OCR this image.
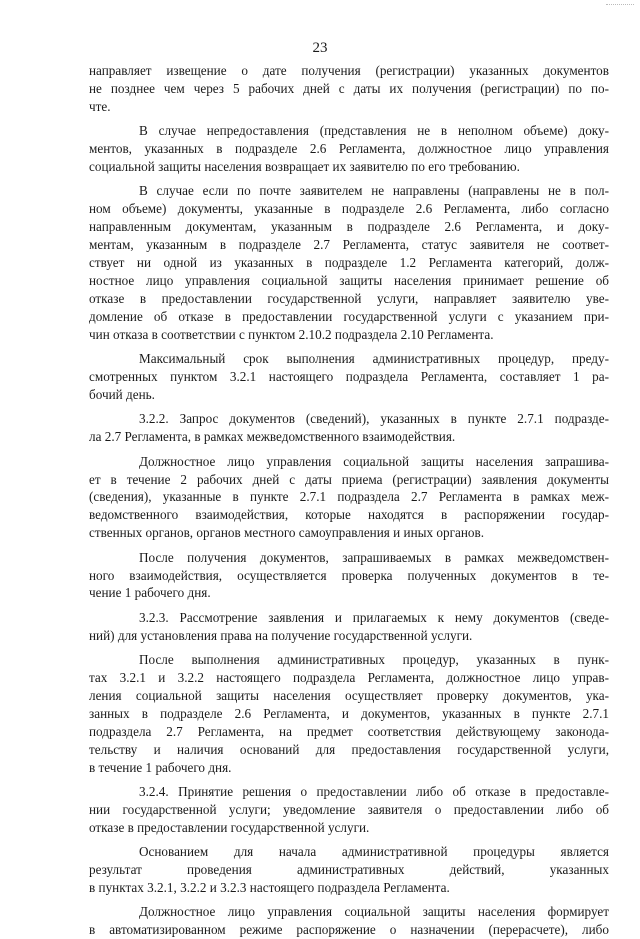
23
направляет извещение о дате получения (регистрации) указанных документов
не позднее чем через 5 рабочих дней с даты их получения (регистрации) по по-
чте.
В случае непредоставления (представления не в неполном объеме) доку-
ментов, указанных в подразделе 2.6 Регламента, должностное лицо управления
социальной защиты населения возвращает их заявителю по его требованию.
В случае если по почте заявителем не направлены (направлены не в пол-
ном объеме) документы, указанные в подразделе 2.6 Регламента, либо согласно
направленным документам, указанным в подразделе 2.6 Регламента, и доку-
ментам, указанным в подразделе 2.7 Регламента, статус заявителя не соответ-
ствует ни одной из указанных в подразделе 1.2 Регламента категорий, долж-
ностное лицо управления социальной защиты населения принимает решение об
отказе в предоставлении государственной услуги, направляет заявителю уве-
домление об отказе в предоставлении государственной услуги с указанием при-
чин отказа в соответствии с пунктом 2.10.2 подраздела 2.10 Регламента.
Максимальный срок выполнения административных процедур, преду-
смотренных пунктом 3.2.1 настоящего подраздела Регламента, составляет 1 ра-
бочий день.
3.2.2. Запрос документов (сведений), указанных в пункте 2.7.1 подразде-
ла 2.7 Регламента, в рамках межведомственного взаимодействия.
Должностное лицо управления социальной защиты населения запрашива-
ет в течение 2 рабочих дней с даты приема (регистрации) заявления документы
(сведения), указанные в пункте 2.7.1 подраздела 2.7 Регламента в рамках меж-
ведомственного взаимодействия, которые находятся в распоряжении государ-
ственных органов, органов местного самоуправления и иных органов.
После получения документов, запрашиваемых в рамках межведомствен-
ного взаимодействия, осуществляется проверка полученных документов в те-
чение 1 рабочего дня.
3.2.3. Рассмотрение заявления и прилагаемых к нему документов (сведе-
ний) для установления права на получение государственной услуги.
После выполнения административных процедур, указанных в пунк-
тах 3.2.1 и 3.2.2 настоящего подраздела Регламента, должностное лицо управ-
ления социальной защиты населения осуществляет проверку документов, ука-
занных в подразделе 2.6 Регламента, и документов, указанных в пункте 2.7.1
подраздела 2.7 Регламента, на предмет соответствия действующему законода-
тельству и наличия оснований для предоставления государственной услуги,
в течение 1 рабочего дня.
3.2.4. Принятие решения о предоставлении либо об отказе в предоставле-
нии государственной услуги; уведомление заявителя о предоставлении либо об
отказе в предоставлении государственной услуги.
Основанием для начала административной процедуры является
результат проведения административных действий, указанных
в пунктах 3.2.1, 3.2.2 и 3.2.3 настоящего подраздела Регламента.
Должностное лицо управления социальной защиты населения формирует
в автоматизированном режиме распоряжение о назначении (перерасчете), либо
